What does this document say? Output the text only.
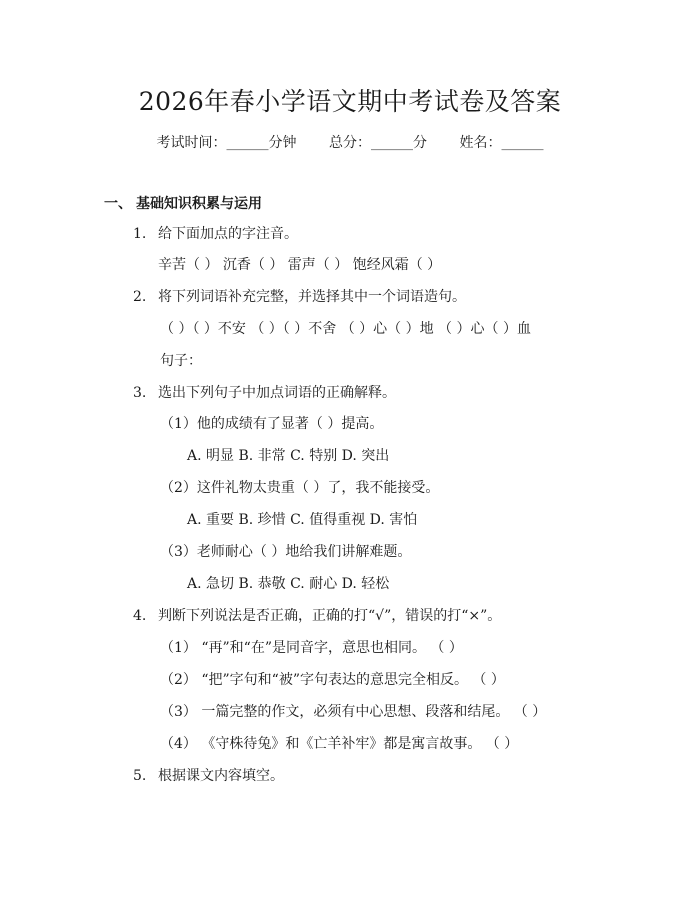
2026年春小学语文期中考试卷及答案
考试时间：______分钟 总分：______分 姓名：______
一、 基础知识积累与运用
1. 给下面加点的字注音。
辛苦（ ） 沉香（ ） 雷声（ ） 饱经风霜（ ）
2. 将下列词语补充完整，并选择其中一个词语造句。
（ ）（ ）不安 （ ）（ ）不舍 （ ）心（ ）地 （ ）心（ ）血
句子：
3. 选出下列句子中加点词语的正确解释。
（1）他的成绩有了显著（ ）提高。
A. 明显 B. 非常 C. 特别 D. 突出
（2）这件礼物太贵重（ ）了，我不能接受。
A. 重要 B. 珍惜 C. 值得重视 D. 害怕
（3）老师耐心（ ）地给我们讲解难题。
A. 急切 B. 恭敬 C. 耐心 D. 轻松
4. 判断下列说法是否正确，正确的打“√”，错误的打“×”。
（1） “再”和“在”是同音字，意思也相同。 （ ）
（2） “把”字句和“被”字句表达的意思完全相反。 （ ）
（3） 一篇完整的作文，必须有中心思想、段落和结尾。 （ ）
（4） 《守株待兔》和《亡羊补牢》都是寓言故事。 （ ）
5. 根据课文内容填空。
